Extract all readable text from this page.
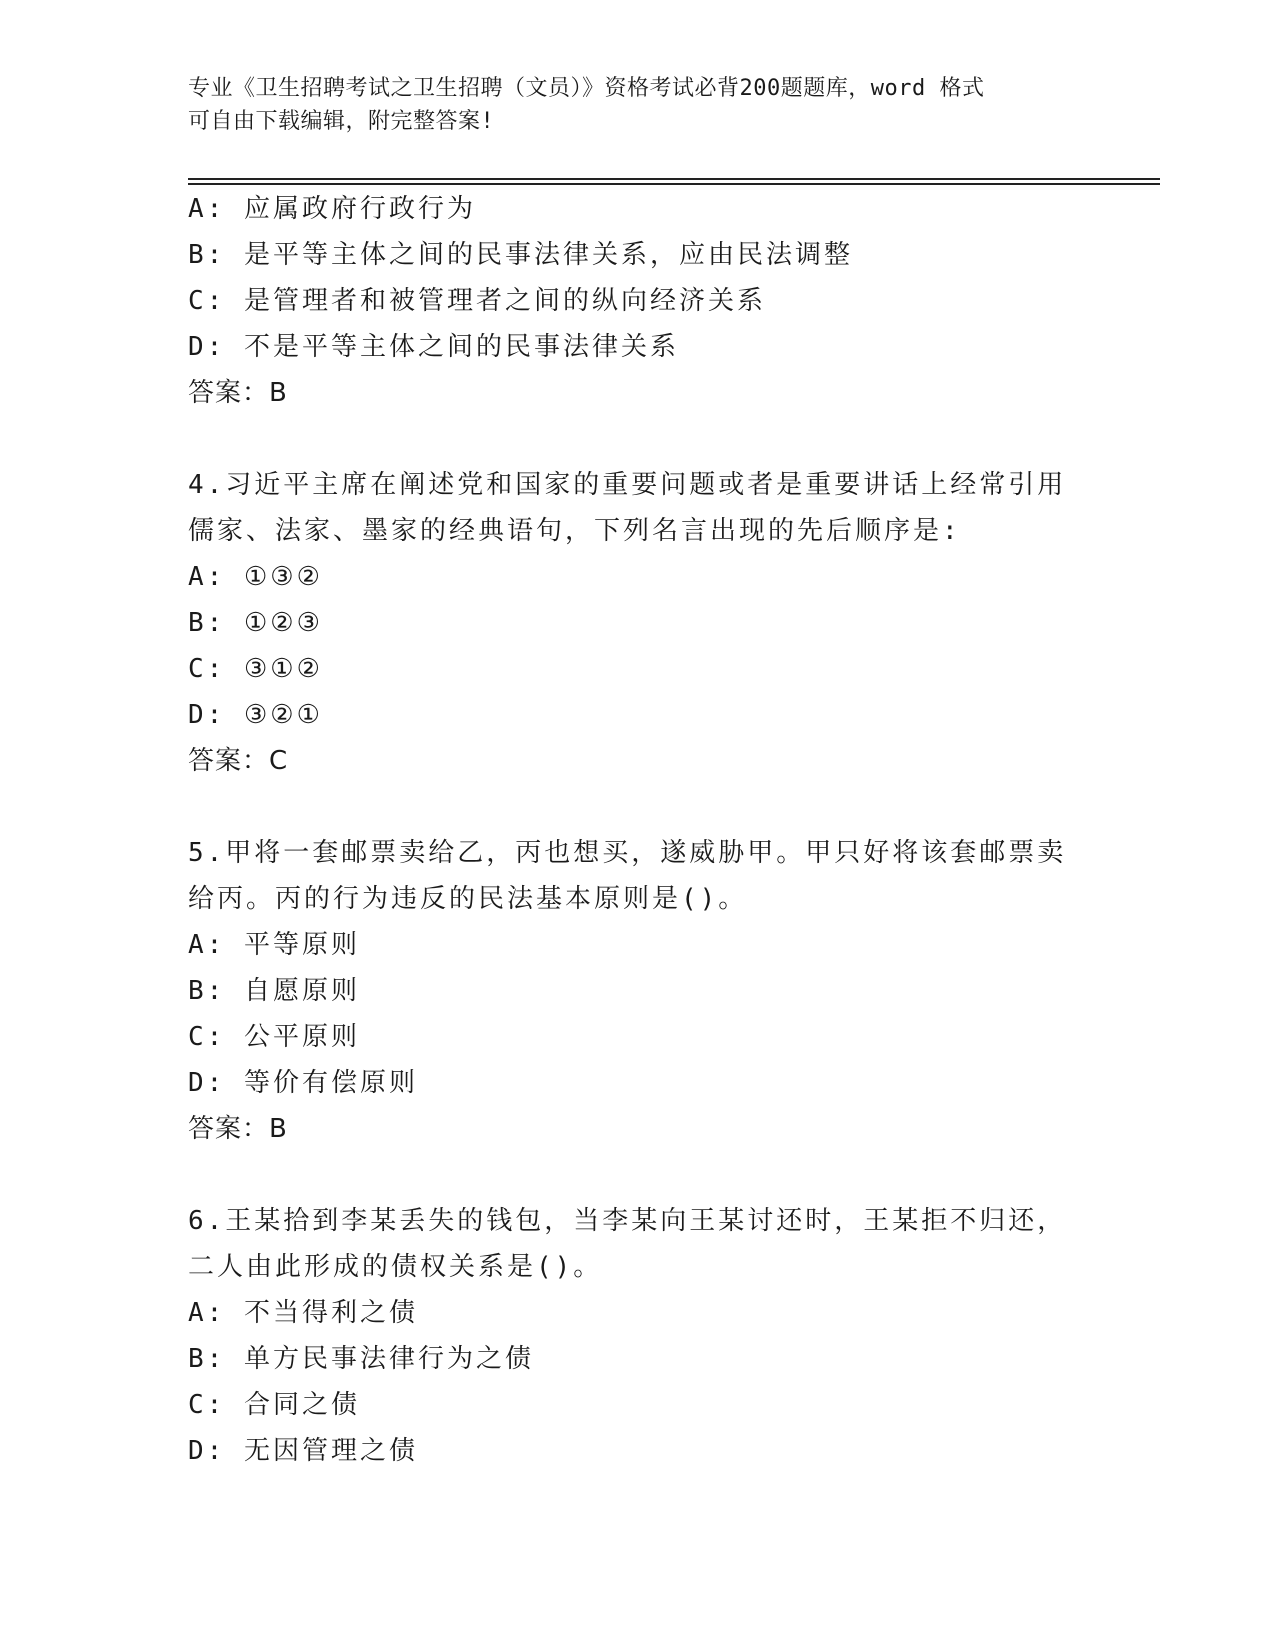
专业《卫生招聘考试之卫生招聘（文员）》资格考试必背200题题库，word 格式
可自由下载编辑，附完整答案!
A: 应属政府行政行为
B: 是平等主体之间的民事法律关系，应由民法调整
C: 是管理者和被管理者之间的纵向经济关系
D: 不是平等主体之间的民事法律关系
答案：B
4.习近平主席在阐述党和国家的重要问题或者是重要讲话上经常引用
儒家、法家、墨家的经典语句，下列名言出现的先后顺序是:
A: ①③②
B: ①②③
C: ③①②
D: ③②①
答案：C
5.甲将一套邮票卖给乙，丙也想买，遂威胁甲。甲只好将该套邮票卖
给丙。丙的行为违反的民法基本原则是()。
A: 平等原则
B: 自愿原则
C: 公平原则
D: 等价有偿原则
答案：B
6.王某拾到李某丢失的钱包，当李某向王某讨还时，王某拒不归还，
二人由此形成的债权关系是()。
A: 不当得利之债
B: 单方民事法律行为之债
C: 合同之债
D: 无因管理之债
